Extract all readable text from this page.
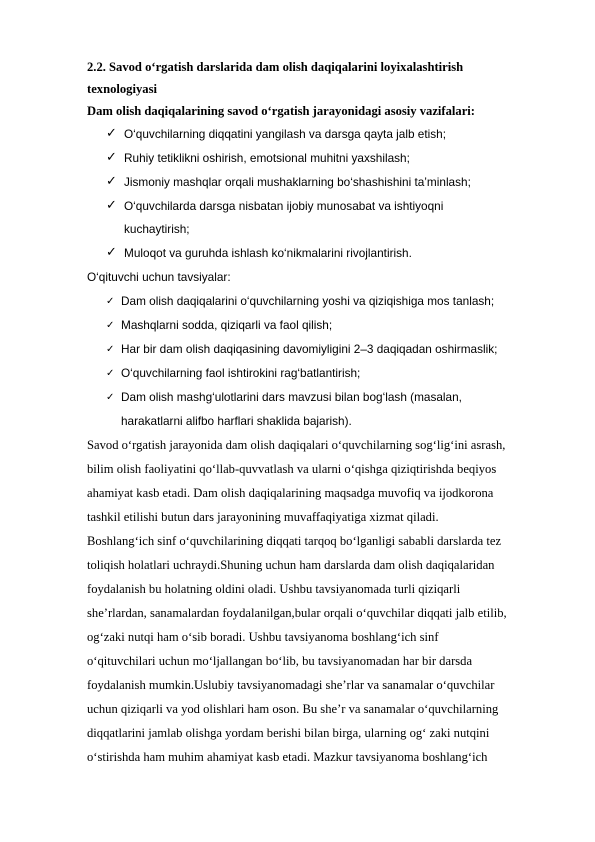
2.2. Savod o‘rgatish darslarida dam olish daqiqalarini loyixalashtirish
texnologiyasi
Dam olish daqiqalarining savod o‘rgatish jarayonidagi asosiy vazifalari:
✓ O‘quvchilarning diqqatini yangilash va darsga qayta jalb etish;
✓ Ruhiy tetiklikni oshirish, emotsional muhitni yaxshilash;
✓ Jismoniy mashqlar orqali mushaklarning bo‘shashishini ta’minlash;
✓ O‘quvchilarda darsga nisbatan ijobiy munosabat va ishtiyoqni
kuchaytirish;
✓ Muloqot va guruhda ishlash ko‘nikmalarini rivojlantirish.
O‘qituvchi uchun tavsiyalar:
✓ Dam olish daqiqalarini o‘quvchilarning yoshi va qiziqishiga mos tanlash;
✓ Mashqlarni sodda, qiziqarli va faol qilish;
✓ Har bir dam olish daqiqasining davomiyligini 2–3 daqiqadan oshirmaslik;
✓ O‘quvchilarning faol ishtirokini rag‘batlantirish;
✓ Dam olish mashg‘ulotlarini dars mavzusi bilan bog‘lash (masalan,
harakatlarni alifbo harflari shaklida bajarish).
Savod o‘rgatish jarayonida dam olish daqiqalari o‘quvchilarning sog‘lig‘ini asrash,
bilim olish faoliyatini qo‘llab-quvvatlash va ularni o‘qishga qiziqtirishda beqiyos
ahamiyat kasb etadi. Dam olish daqiqalarining maqsadga muvofiq va ijodkorona
tashkil etilishi butun dars jarayonining muvaffaqiyatiga xizmat qiladi.
Boshlang‘ich sinf o‘quvchilarining diqqati tarqoq bo‘lganligi sababli darslarda tez
toliqish holatlari uchraydi.Shuning uchun ham darslarda dam olish daqiqalaridan
foydalanish bu holatning oldini oladi. Ushbu tavsiyanomada turli qiziqarli
she’rlardan, sanamalardan foydalanilgan,bular orqali o‘quvchilar diqqati jalb etilib,
og‘zaki nutqi ham o‘sib boradi. Ushbu tavsiyanoma boshlang‘ich sinf
o‘qituvchilari uchun mo‘ljallangan bo‘lib, bu tavsiyanomadan har bir darsda
foydalanish mumkin.Uslubiy tavsiyanomadagi she’rlar va sanamalar o‘quvchilar
uchun qiziqarli va yod olishlari ham oson. Bu she’r va sanamalar o‘quvchilarning
diqqatlarini jamlab olishga yordam berishi bilan birga, ularning og‘ zaki nutqini
o‘stirishda ham muhim ahamiyat kasb etadi. Mazkur tavsiyanoma boshlang‘ich
